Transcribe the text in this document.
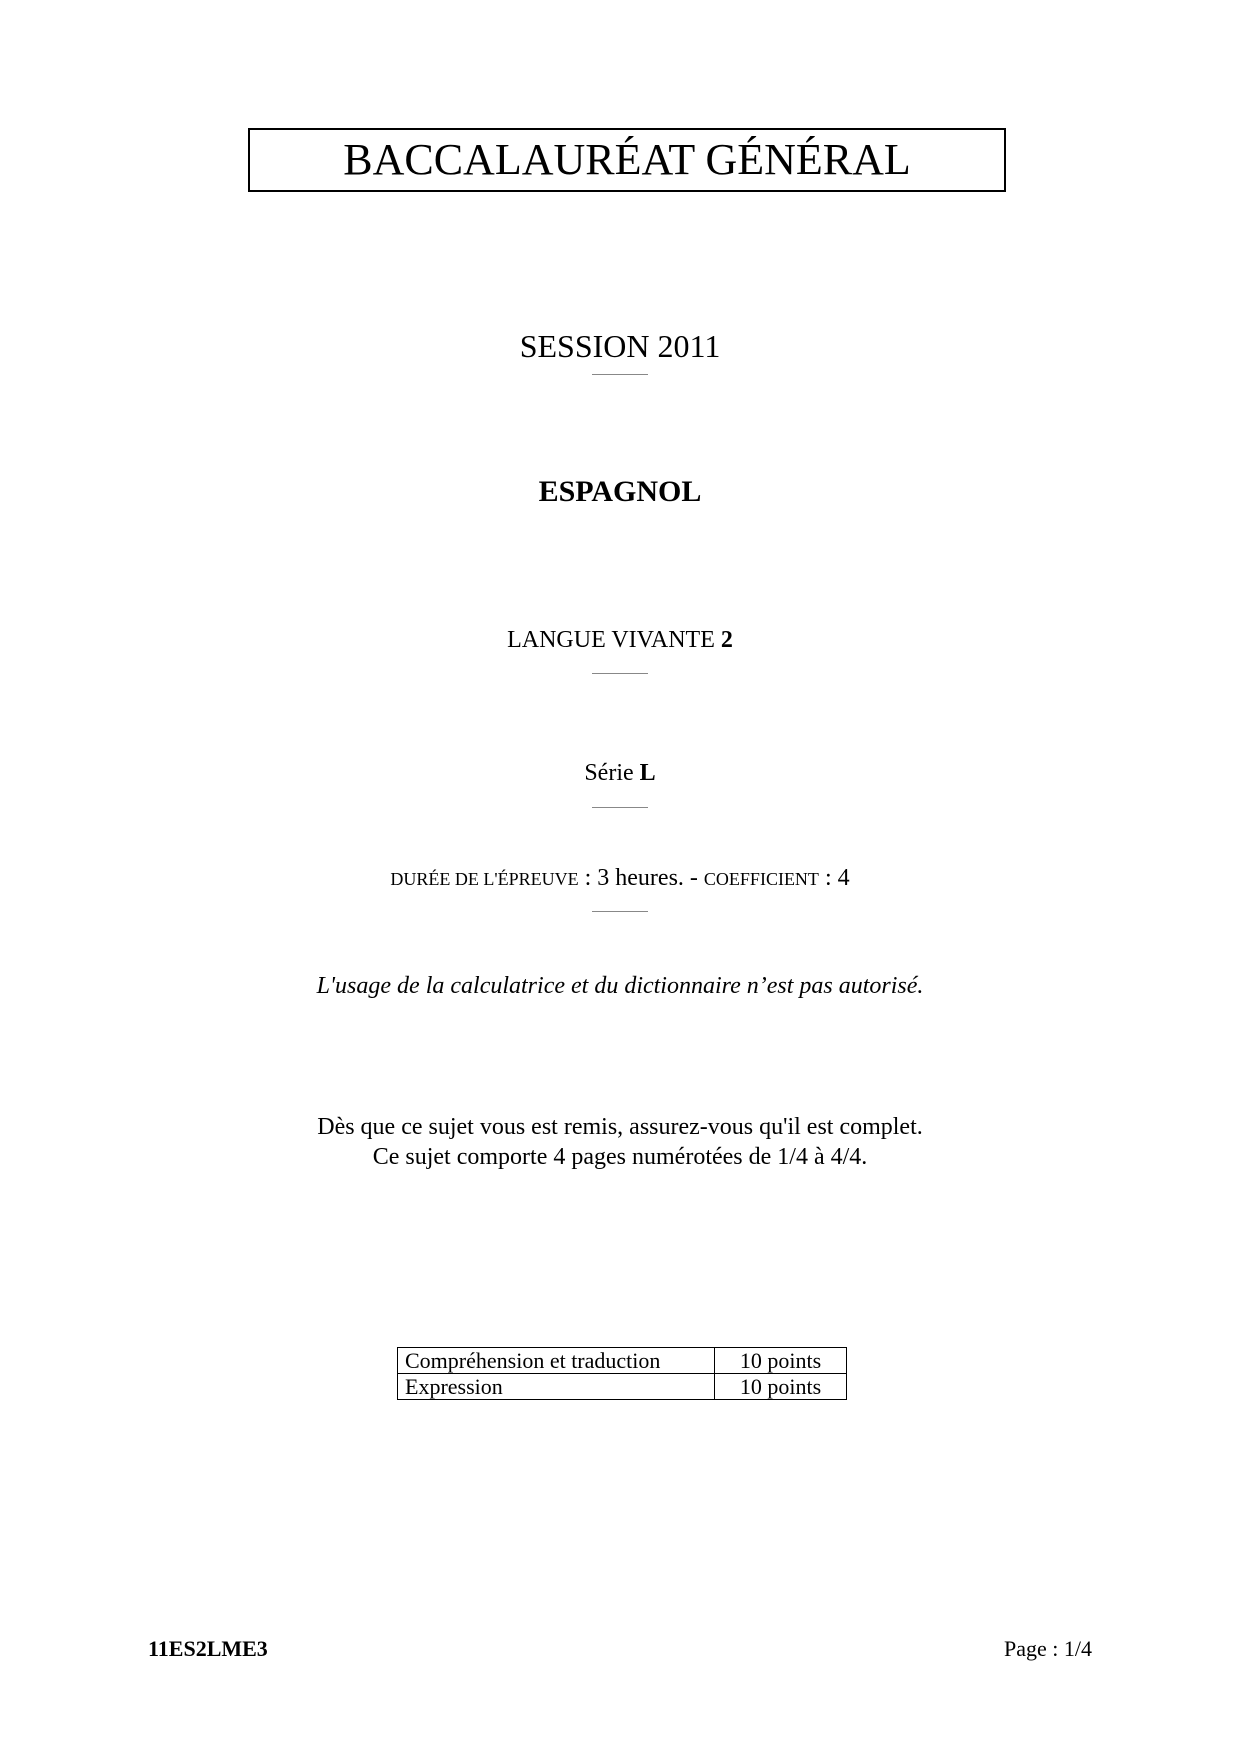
BACCALAURÉAT GÉNÉRAL
SESSION 2011
ESPAGNOL
LANGUE VIVANTE 2
Série L
DURÉE DE L'ÉPREUVE : 3 heures. - COEFFICIENT : 4
L'usage de la calculatrice et du dictionnaire n’est pas autorisé.
Dès que ce sujet vous est remis, assurez-vous qu'il est complet.
Ce sujet comporte 4 pages numérotées de 1/4 à 4/4.
Compréhension et traduction	10 points
Expression	10 points
11ES2LME3	Page : 1/4
